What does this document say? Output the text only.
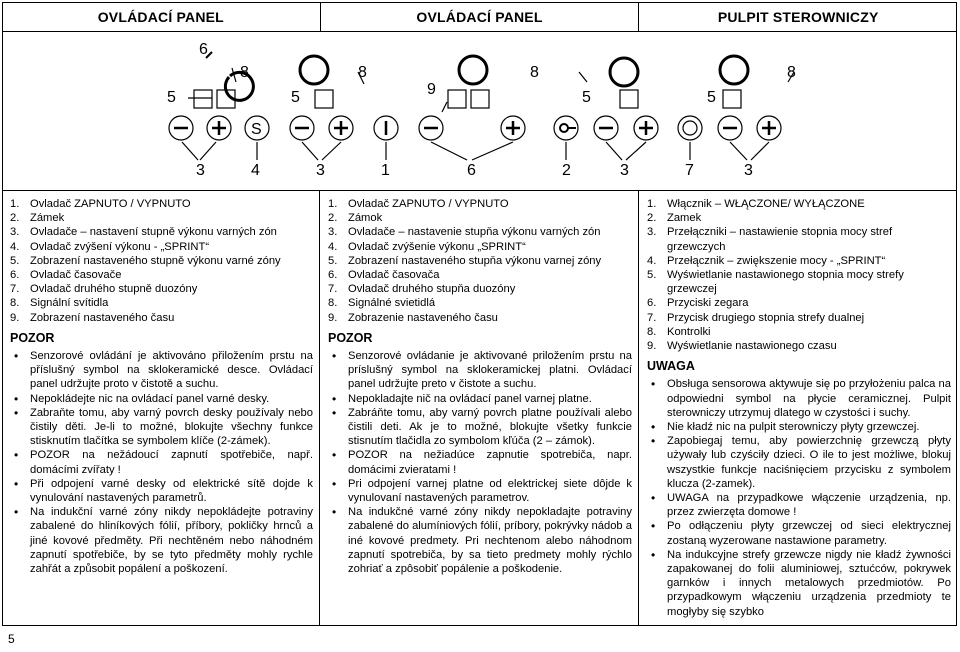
OVLÁDACÍ PANEL	OVLÁDACÍ PANEL	PULPIT STEROWNICZY
S
6
8
5
3	4	3
8
5	9
8
5
1	6	2	3	7	3
8
5
1. Ovladač ZAPNUTO / VYPNUTO
2. Zámek
3. Ovladače – nastavení stupně výkonu varných zón
4. Ovladač zvýšení výkonu - „SPRINT“
5. Zobrazení nastaveného stupně výkonu varné zóny
6. Ovladač časovače
7. Ovladač druhého stupně duozóny
8. Signální svítidla
9. Zobrazení nastaveného času
POZOR
• Senzorové ovládání je aktivováno přiložením prstu na příslušný symbol na sklokeramické desce. Ovládací panel udržujte proto v čistotě a suchu.
• Nepokládejte nic na ovládací panel varné desky.
• Zabraňte tomu, aby varný povrch desky používaly nebo čistily děti. Je-li to možné, blokujte všechny funkce stisknutím tlačítka se symbolem klíče (2-zámek).
• POZOR na nežádoucí zapnutí spotřebiče, např. domácími zvířaty !
• Při odpojení varné desky od elektrické sítě dojde k vynulování nastavených parametrů.
• Na indukční varné zóny nikdy nepokládejte potraviny zabalené do hliníkových fólií, příbory, pokličky hrnců a jiné kovové předměty. Při nechtěném nebo náhodném zapnutí spotřebiče, by se tyto předměty mohly rychle zahřát a způsobit popálení a poškození.
1. Ovladač ZAPNUTO / VYPNUTO
2. Zámok
3. Ovladače – nastavenie stupňa výkonu varných zón
4. Ovladač zvýšenie výkonu „SPRINT“
5. Zobrazení nastaveného stupňa výkonu varnej zóny
6. Ovladač časovača
7. Ovladač druhého stupňa duozóny
8. Signálné svietidlá
9. Zobrazenie nastaveného času
POZOR
• Senzorové ovládanie je aktivované priložením prstu na príslušný symbol na sklokeramickej platni. Ovládací panel udržujte preto v čistote a suchu.
• Nepokladajte nič na ovládací panel varnej platne.
• Zabráňte tomu, aby varný povrch platne používali alebo čistili deti. Ak je to možné, blokujte všetky funkcie stisnutím tlačidla zo symbolom kľúča (2 – zámok).
• POZOR na nežiadúce zapnutie spotrebiča, napr. domácimi zvieratami !
• Pri odpojení varnej platne od elektrickej siete dôjde k vynulovaní nastavených parametrov.
• Na indukčné varné zóny nikdy nepokladajte potraviny zabalené do alumíniových fólií, príbory, pokrývky nádob a iné kovové predmety. Pri nechtenom alebo náhodnom zapnutí spotrebiča, by sa tieto predmety mohly rýchlo zohriať a zpôsobiť popálenie a poškodenie.
1. Włącznik – WŁĄCZONE/ WYŁĄCZONE
2. Zamek
3. Przełączniki – nastawienie stopnia mocy stref grzewczych
4. Przełącznik – zwiększenie mocy - „SPRINT“
5. Wyświetlanie nastawionego stopnia mocy strefy grzewczej
6. Przyciski zegara
7. Przycisk drugiego stopnia strefy dualnej
8. Kontrolki
9. Wyświetlanie nastawionego czasu
UWAGA
• Obsługa sensorowa aktywuje się po przyłożeniu palca na odpowiedni symbol na płycie ceramicznej. Pulpit sterowniczy utrzymuj dlatego w czystości i suchy.
• Nie kładź nic na pulpit sterowniczy płyty grzewczej.
• Zapobiegaj temu, aby powierzchnię grzewczą płyty używały lub czyściły dzieci. O ile to jest możliwe, blokuj wszystkie funkcje naciśnięciem przycisku z symbolem klucza (2-zamek).
• UWAGA na przypadkowe włączenie urządzenia, np. przez zwierzęta domowe !
• Po odłączeniu płyty grzewczej od sieci elektrycznej zostaną wyzerowane nastawione parametry.
• Na indukcyjne strefy grzewcze nigdy nie kładź żywności zapakowanej do folii aluminiowej, sztućców, pokrywek garnków i innych metalowych przedmiotów. Po przypadkowym włączeniu urządzenia przedmioty te mogłyby się szybko
5
